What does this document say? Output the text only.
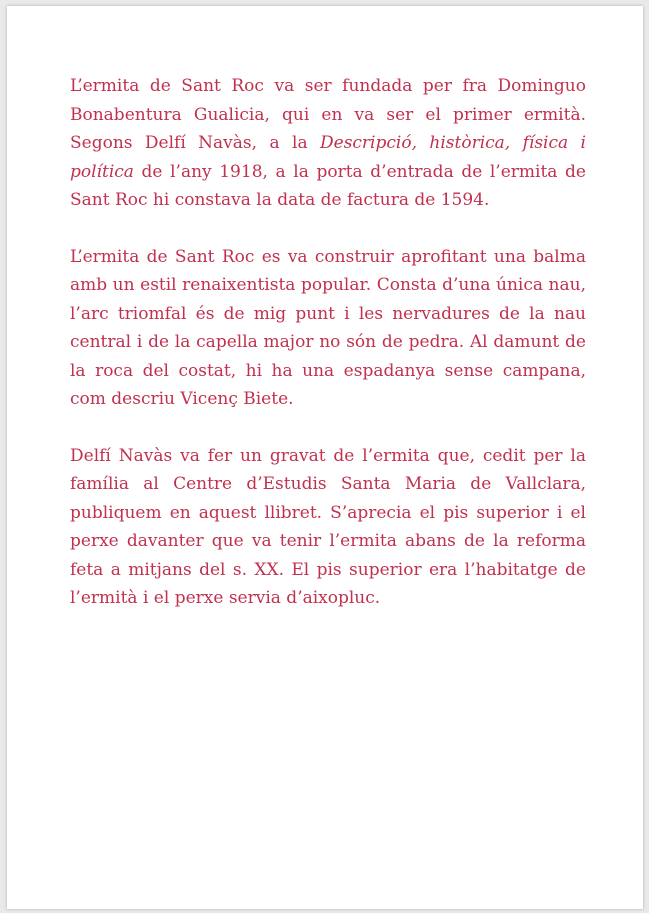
L’ermita de Sant Roc va ser fundada per fra Dominguo Bonabentura Gualicia, qui en va ser el primer ermità. Segons Delfí Navàs, a la Descripció, històrica, física i política de l’any 1918, a la porta d’entrada de l’ermita de Sant Roc hi constava la data de factura de 1594.

L’ermita de Sant Roc es va construir aprofitant una balma amb un estil renaixentista popular. Consta d’una única nau, l’arc triomfal és de mig punt i les nervadures de la nau central i de la capella major no són de pedra. Al damunt de la roca del costat, hi ha una espadanya sense campana, com descriu Vicenç Biete.

Delfí Navàs va fer un gravat de l’ermita que, cedit per la família al Centre d’Estudis Santa Maria de Vallclara, publiquem en aquest llibret. S’aprecia el pis superior i el perxe davanter que va tenir l’ermita abans de la reforma feta a mitjans del s. XX. El pis superior era l’habitatge de l’ermità i el perxe servia d’aixopluc.
